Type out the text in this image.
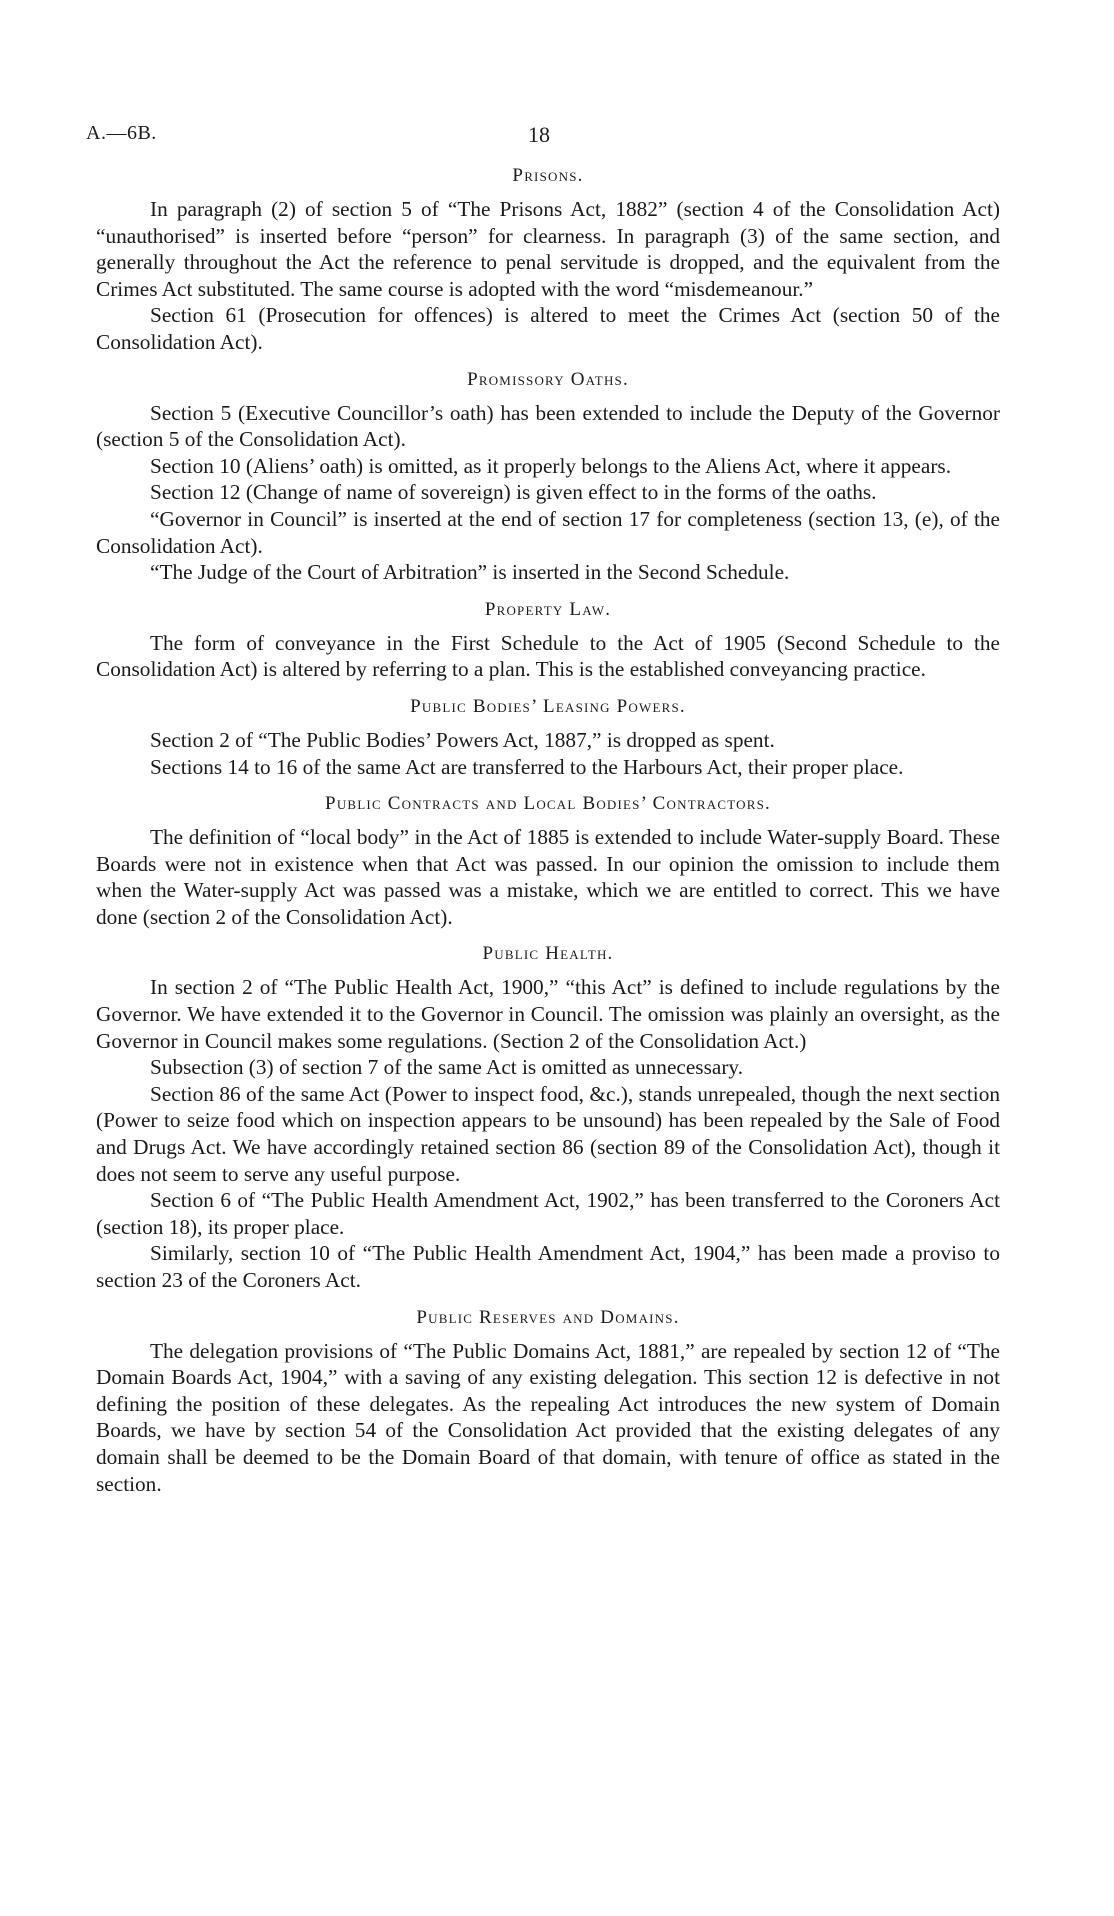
A.—6B.	18
Prisons.

In paragraph (2) of section 5 of “The Prisons Act, 1882” (section 4 of the Consolidation Act) “unauthorised” is inserted before “person” for clearness. In paragraph (3) of the same section, and generally throughout the Act the reference to penal servitude is dropped, and the equivalent from the Crimes Act substituted. The same course is adopted with the word “misdemeanour.”

Section 61 (Prosecution for offences) is altered to meet the Crimes Act (section 50 of the Consolidation Act).

Promissory Oaths.

Section 5 (Executive Councillor’s oath) has been extended to include the Deputy of the Governor (section 5 of the Consolidation Act).

Section 10 (Aliens’ oath) is omitted, as it properly belongs to the Aliens Act, where it appears.

Section 12 (Change of name of sovereign) is given effect to in the forms of the oaths.

“Governor in Council” is inserted at the end of section 17 for completeness (section 13, (e), of the Consolidation Act).

“The Judge of the Court of Arbitration” is inserted in the Second Schedule.

Property Law.

The form of conveyance in the First Schedule to the Act of 1905 (Second Schedule to the Consolidation Act) is altered by referring to a plan. This is the established conveyancing practice.

Public Bodies’ Leasing Powers.

Section 2 of “The Public Bodies’ Powers Act, 1887,” is dropped as spent.

Sections 14 to 16 of the same Act are transferred to the Harbours Act, their proper place.

Public Contracts and Local Bodies’ Contractors.

The definition of “local body” in the Act of 1885 is extended to include Water-supply Board. These Boards were not in existence when that Act was passed. In our opinion the omission to include them when the Water-supply Act was passed was a mistake, which we are entitled to correct. This we have done (section 2 of the Consolidation Act).

Public Health.

In section 2 of “The Public Health Act, 1900,” “this Act” is defined to include regulations by the Governor. We have extended it to the Governor in Council. The omission was plainly an oversight, as the Governor in Council makes some regulations. (Section 2 of the Consolidation Act.)

Subsection (3) of section 7 of the same Act is omitted as unnecessary.

Section 86 of the same Act (Power to inspect food, &c.), stands unrepealed, though the next section (Power to seize food which on inspection appears to be unsound) has been repealed by the Sale of Food and Drugs Act. We have accordingly retained section 86 (section 89 of the Consolidation Act), though it does not seem to serve any useful purpose.

Section 6 of “The Public Health Amendment Act, 1902,” has been transferred to the Coroners Act (section 18), its proper place.

Similarly, section 10 of “The Public Health Amendment Act, 1904,” has been made a proviso to section 23 of the Coroners Act.

Public Reserves and Domains.

The delegation provisions of “The Public Domains Act, 1881,” are repealed by section 12 of “The Domain Boards Act, 1904,” with a saving of any existing delegation. This section 12 is defective in not defining the position of these delegates. As the repealing Act introduces the new system of Domain Boards, we have by section 54 of the Consolidation Act provided that the existing delegates of any domain shall be deemed to be the Domain Board of that domain, with tenure of office as stated in the section.
